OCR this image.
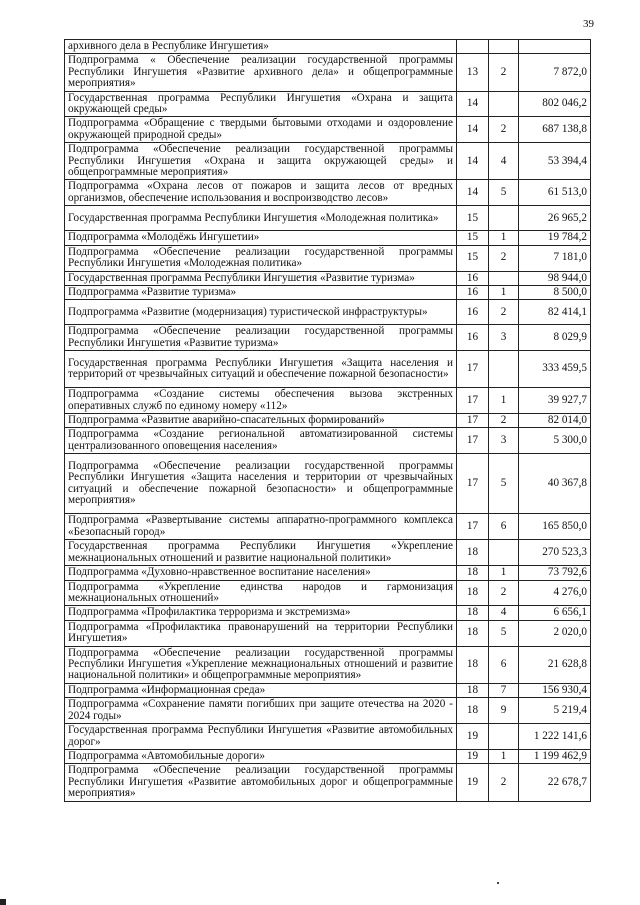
39
архивного дела в Республике Ингушетия»			
Подпрограмма « Обеспечение реализации государственной программы Республики Ингушетия «Развитие архивного дела» и общепрограммные мероприятия»	13	2	7 872,0
Государственная программа Республики Ингушетия «Охрана и защита окружающей среды»	14		802 046,2
Подпрограмма «Обращение с твердыми бытовыми отходами и оздоровление окружающей природной среды»	14	2	687 138,8
Подпрограмма «Обеспечение реализации государственной программы Республики Ингушетия «Охрана и защита окружающей среды» и общепрограммные мероприятия»	14	4	53 394,4
Подпрограмма «Охрана лесов от пожаров и защита лесов от вредных организмов, обеспечение использования и воспроизводство лесов»	14	5	61 513,0
Государственная программа Республики Ингушетия «Молодежная политика»	15		26 965,2
Подпрограмма «Молодёжь Ингушетии»	15	1	19 784,2
Подпрограмма «Обеспечение реализации государственной программы Республики Ингушетия «Молодежная политика»	15	2	7 181,0
Государственная программа Республики Ингушетия «Развитие туризма»	16		98 944,0
Подпрограмма «Развитие туризма»	16	1	8 500,0
Подпрограмма «Развитие (модернизация) туристической инфраструктуры»	16	2	82 414,1
Подпрограмма «Обеспечение реализации государственной программы Республики Ингушетия «Развитие туризма»	16	3	8 029,9
Государственная программа Республики Ингушетия «Защита населения и территорий от чрезвычайных ситуаций и обеспечение пожарной безопасности»	17		333 459,5
Подпрограмма «Создание системы обеспечения вызова экстренных оперативных служб по единому номеру «112»	17	1	39 927,7
Подпрограмма «Развитие аварийно-спасательных формирований»	17	2	82 014,0
Подпрограмма «Создание региональной автоматизированной системы централизованного оповещения населения»	17	3	5 300,0
Подпрограмма «Обеспечение реализации государственной программы Республики Ингушетия «Защита населения и территории от чрезвычайных ситуаций и обеспечение пожарной безопасности» и общепрограммные мероприятия»	17	5	40 367,8
Подпрограмма «Развертывание системы аппаратно-программного комплекса «Безопасный город»	17	6	165 850,0
Государственная программа Республики Ингушетия «Укрепление межнациональных отношений и развитие национальной политики»	18		270 523,3
Подпрограмма «Духовно-нравственное воспитание населения»	18	1	73 792,6
Подпрограмма «Укрепление единства народов и гармонизация межнациональных отношений»	18	2	4 276,0
Подпрограмма «Профилактика терроризма и экстремизма»	18	4	6 656,1
Подпрограмма «Профилактика правонарушений на территории Республики Ингушетия»	18	5	2 020,0
Подпрограмма «Обеспечение реализации государственной программы Республики Ингушетия «Укрепление межнациональных отношений и развитие национальной политики» и общепрограммные мероприятия»	18	6	21 628,8
Подпрограмма «Информационная среда»	18	7	156 930,4
Подпрограмма «Сохранение памяти погибших при защите отечества на 2020 - 2024 годы»	18	9	5 219,4
Государственная программа Республики Ингушетия «Развитие автомобильных дорог»	19		1 222 141,6
Подпрограмма «Автомобильные дороги»	19	1	1 199 462,9
Подпрограмма «Обеспечение реализации государственной программы Республики Ингушетия «Развитие автомобильных дорог и общепрограммные мероприятия»	19	2	22 678,7
